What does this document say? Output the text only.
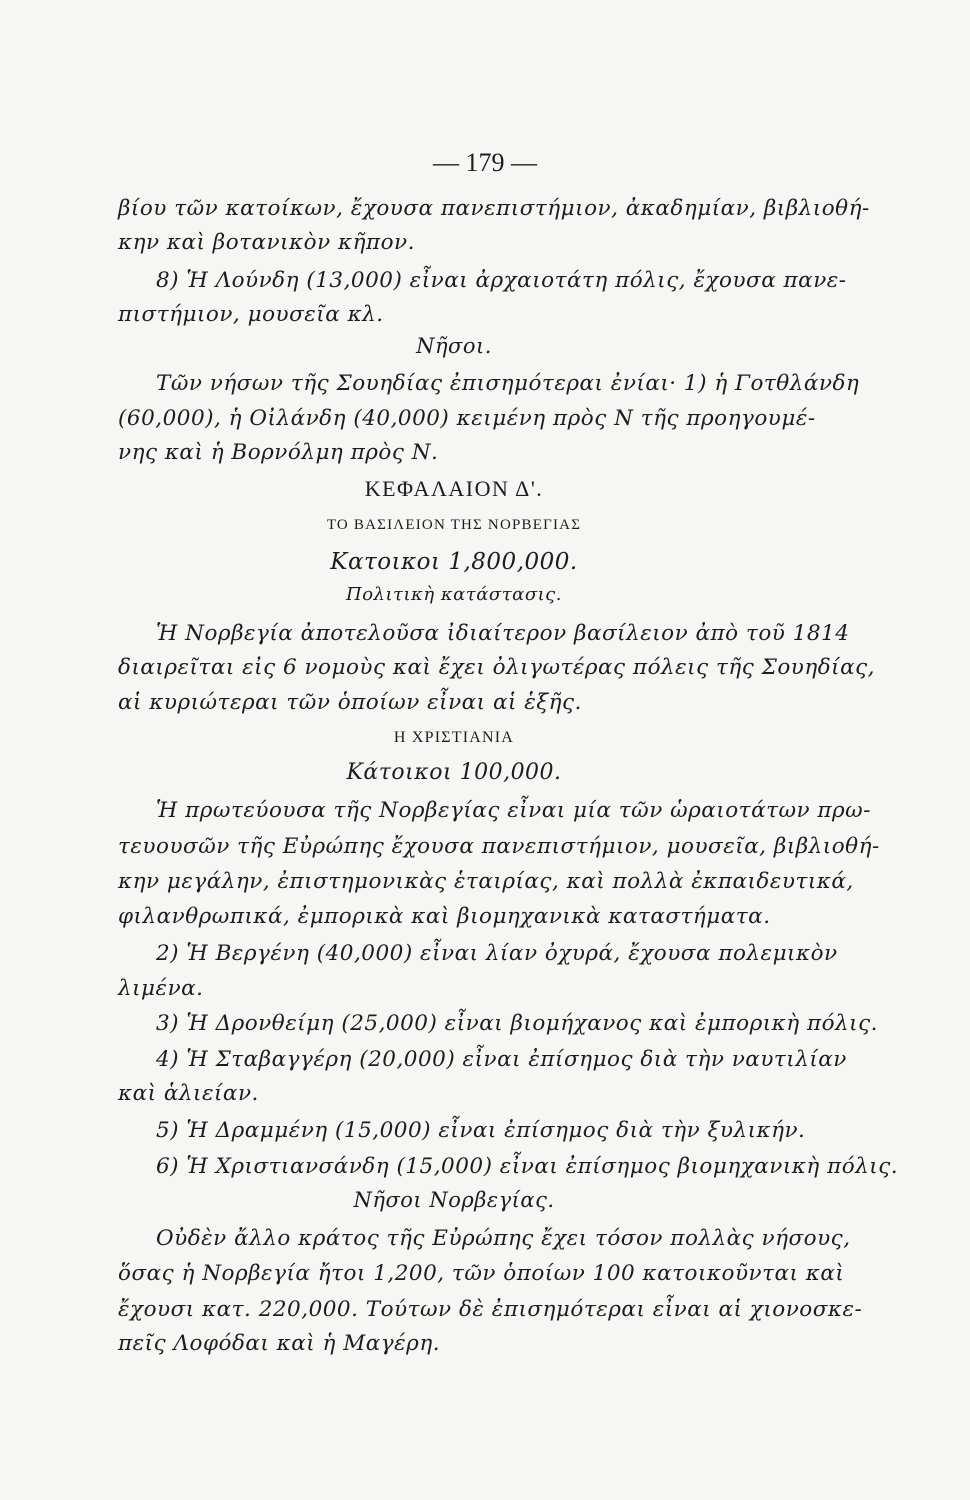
— 179 —
βίου τῶν κατοίκων, ἔχουσα πανεπιστήμιον, ἀκαδημίαν, βιβλιοθή-
κην καὶ βοτανικὸν κῆπον.
8) Ἡ Λούνδη (13,000) εἶναι ἀρχαιοτάτη πόλις, ἔχουσα πανε-
πιστήμιον, μουσεῖα κλ.
Νῆσοι.
Τῶν νήσων τῆς Σουηδίας ἐπισημότεραι ἐνίαι· 1) ἡ Γοτθλάνδη
(60,000), ἡ Οἰλάνδη (40,000) κειμένη πρὸς Ν τῆς προηγουμέ-
νης καὶ ἡ Βορνόλμη πρὸς Ν.
ΚΕΦΑΛΑΙΟΝ Δ'.
ΤΟ ΒΑΣΙΛΕΙΟΝ ΤΗΣ ΝΟΡΒΕΓΙΑΣ
Κατοικοι 1,800,000.
Πολιτικὴ κατάστασις.
Ἡ Νορβεγία ἀποτελοῦσα ἰδιαίτερον βασίλειον ἀπὸ τοῦ 1814
διαιρεῖται εἰς 6 νομοὺς καὶ ἔχει ὀλιγωτέρας πόλεις τῆς Σουηδίας,
αἱ κυριώτεραι τῶν ὁποίων εἶναι αἱ ἑξῆς.
Η ΧΡΙΣΤΙΑΝΙΑ
Κάτοικοι 100,000.
Ἡ πρωτεύουσα τῆς Νορβεγίας εἶναι μία τῶν ὡραιοτάτων πρω-
τευουσῶν τῆς Εὐρώπης ἔχουσα πανεπιστήμιον, μουσεῖα, βιβλιοθή-
κην μεγάλην, ἐπιστημονικὰς ἑταιρίας, καὶ πολλὰ ἐκπαιδευτικά,
φιλανθρωπικά, ἐμπορικὰ καὶ βιομηχανικὰ καταστήματα.
2) Ἡ Βεργένη (40,000) εἶναι λίαν ὀχυρά, ἔχουσα πολεμικὸν
λιμένα.
3) Ἡ Δρονθείμη (25,000) εἶναι βιομήχανος καὶ ἐμπορικὴ πόλις.
4) Ἡ Σταβαγγέρη (20,000) εἶναι ἐπίσημος διὰ τὴν ναυτιλίαν
καὶ ἁλιείαν.
5) Ἡ Δραμμένη (15,000) εἶναι ἐπίσημος διὰ τὴν ξυλικήν.
6) Ἡ Χριστιανσάνδη (15,000) εἶναι ἐπίσημος βιομηχανικὴ πόλις.
Νῆσοι Νορβεγίας.
Οὐδὲν ἄλλο κράτος τῆς Εὐρώπης ἔχει τόσον πολλὰς νήσους,
ὅσας ἡ Νορβεγία ἤτοι 1,200, τῶν ὁποίων 100 κατοικοῦνται καὶ
ἔχουσι κατ. 220,000. Τούτων δὲ ἐπισημότεραι εἶναι αἱ χιονοσκε-
πεῖς Λοφόδαι καὶ ἡ Μαγέρη.
